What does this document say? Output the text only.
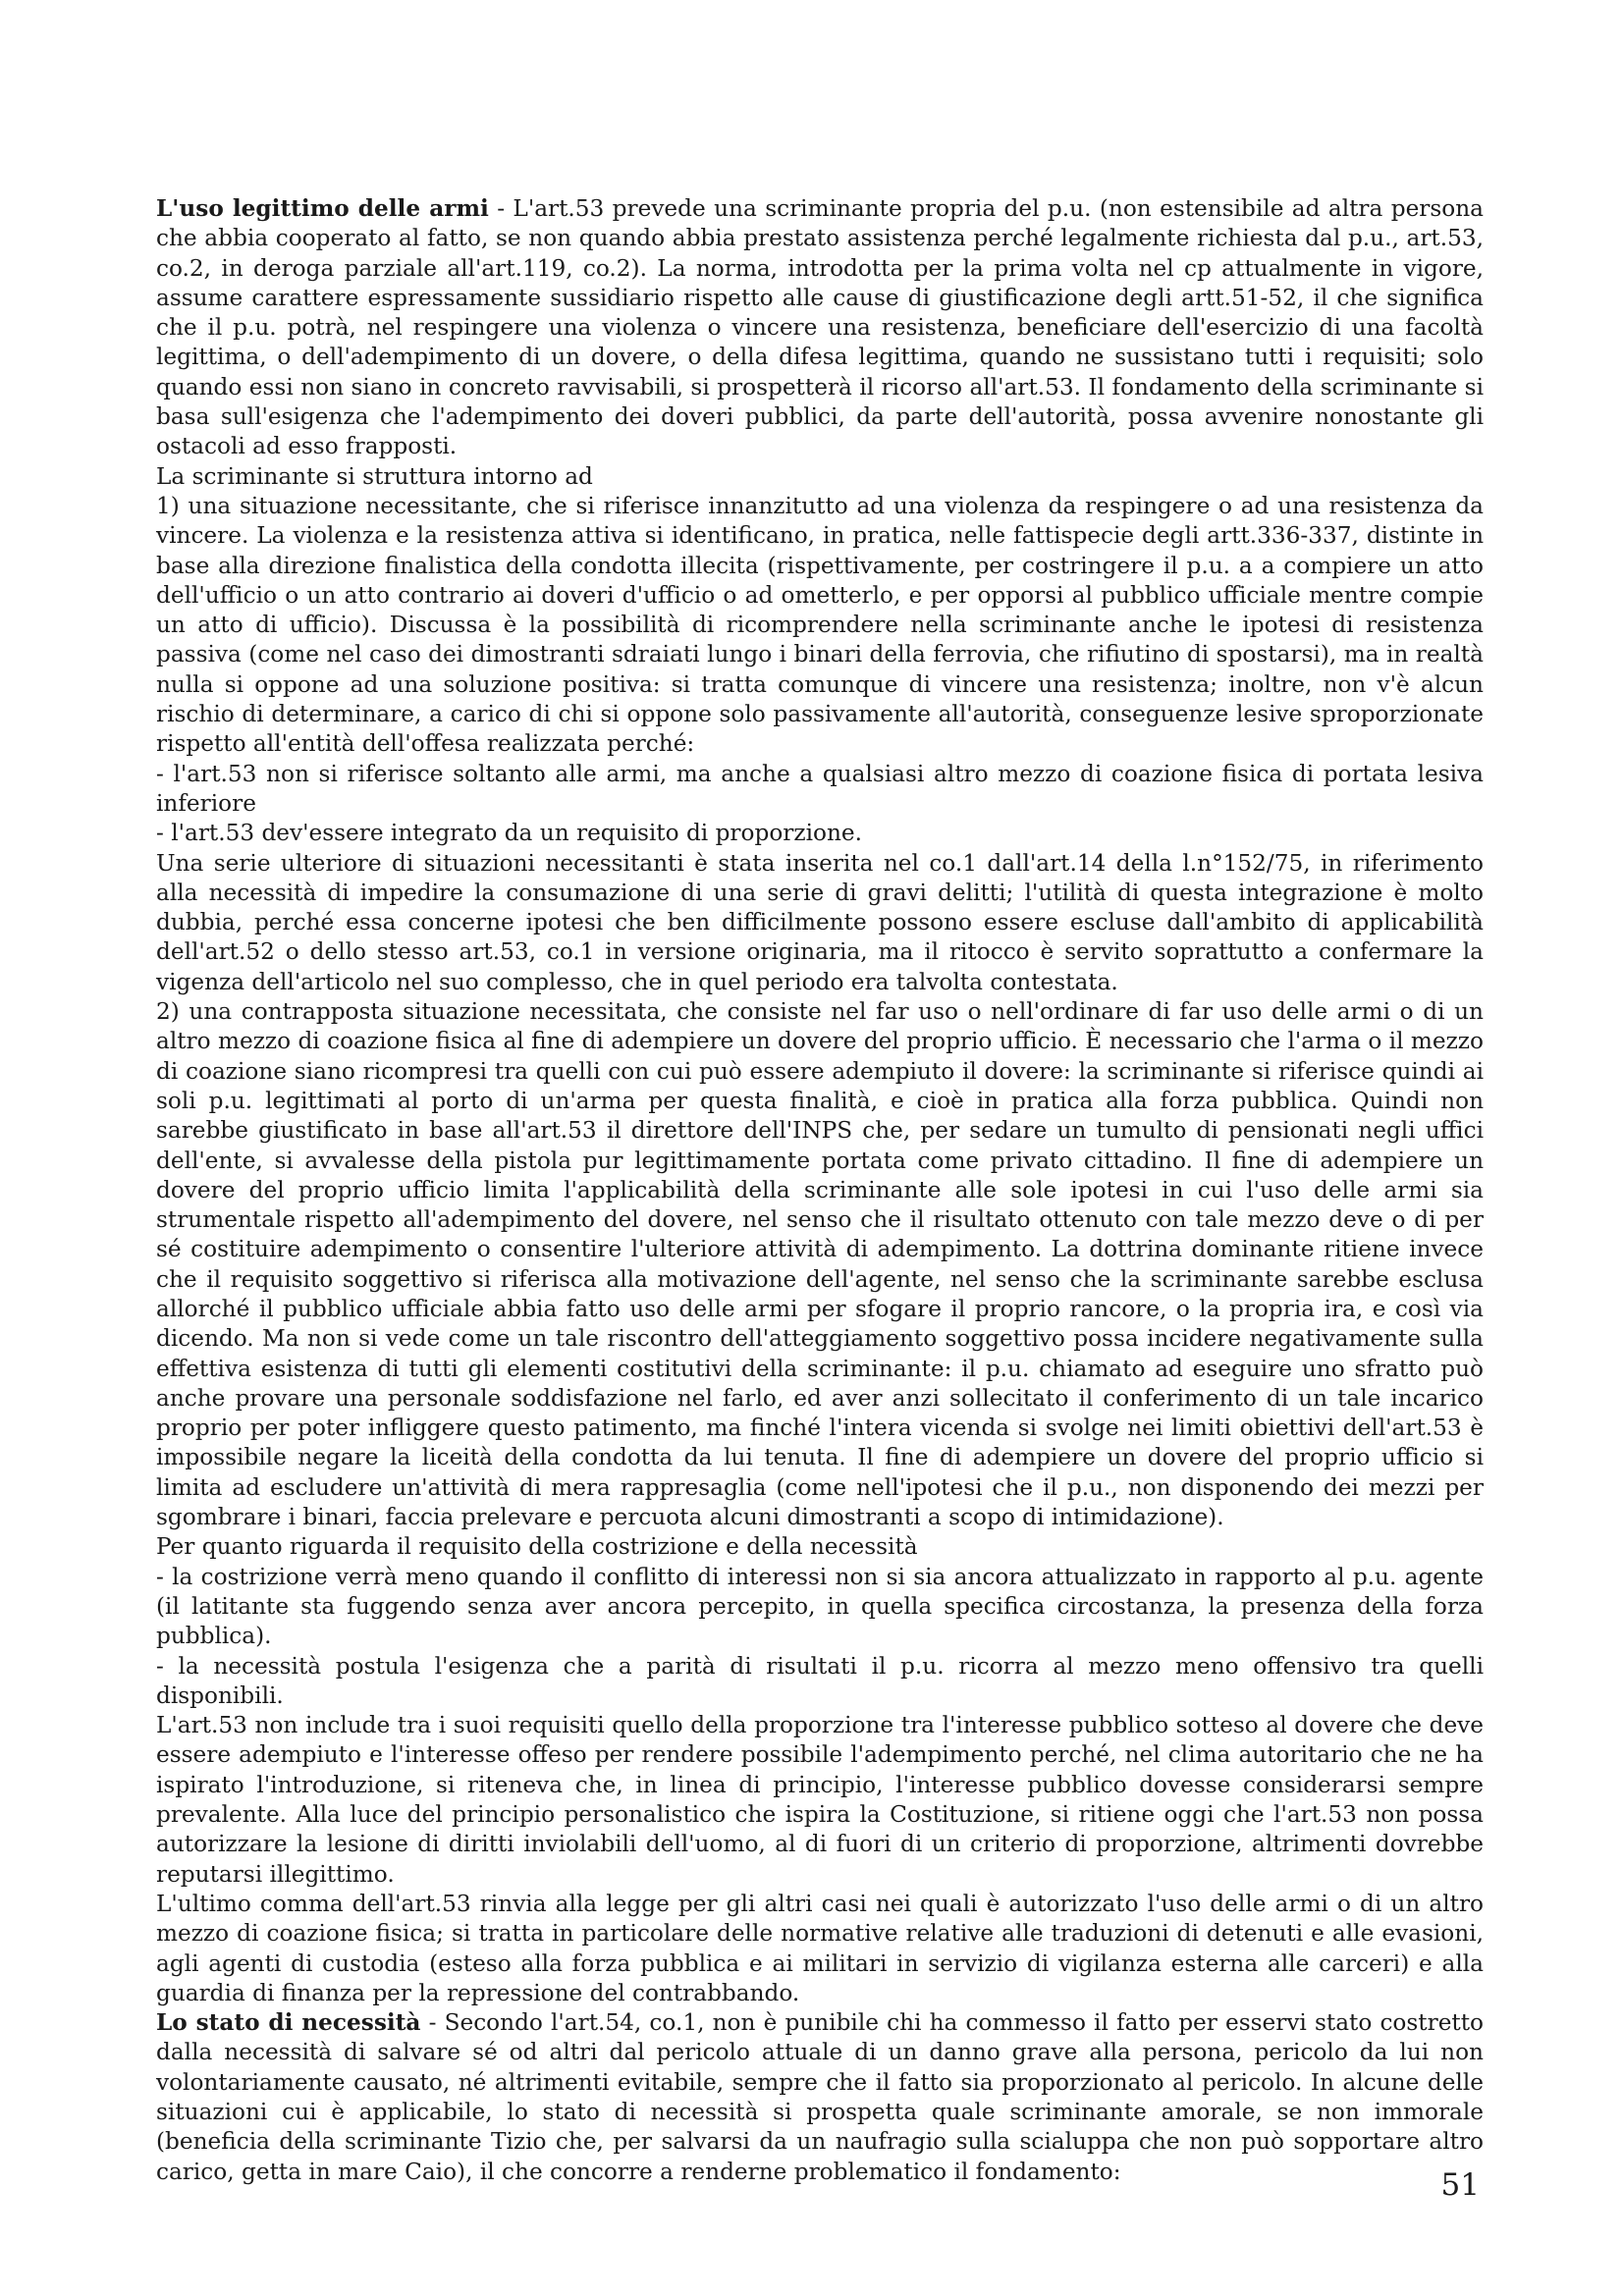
L'uso legittimo delle armi - L'art.53 prevede una scriminante propria del p.u. (non estensibile ad altra persona che abbia cooperato al fatto, se non quando abbia prestato assistenza perché legalmente richiesta dal p.u., art.53, co.2, in deroga parziale all'art.119, co.2). La norma, introdotta per la prima volta nel cp attualmente in vigore, assume carattere espressamente sussidiario rispetto alle cause di giustificazione degli artt.51-52, il che significa che il p.u. potrà, nel respingere una violenza o vincere una resistenza, beneficiare dell'esercizio di una facoltà legittima, o dell'adempimento di un dovere, o della difesa legittima, quando ne sussistano tutti i requisiti; solo quando essi non siano in concreto ravvisabili, si prospetterà il ricorso all'art.53. Il fondamento della scriminante si basa sull'esigenza che l'adempimento dei doveri pubblici, da parte dell'autorità, possa avvenire nonostante gli ostacoli ad esso frapposti.

La scriminante si struttura intorno ad

1) una situazione necessitante, che si riferisce innanzitutto ad una violenza da respingere o ad una resistenza da vincere. La violenza e la resistenza attiva si identificano, in pratica, nelle fattispecie degli artt.336-337, distinte in base alla direzione finalistica della condotta illecita (rispettivamente, per costringere il p.u. a a compiere un atto dell'ufficio o un atto contrario ai doveri d'ufficio o ad ometterlo, e per opporsi al pubblico ufficiale mentre compie un atto di ufficio). Discussa è la possibilità di ricomprendere nella scriminante anche le ipotesi di resistenza passiva (come nel caso dei dimostranti sdraiati lungo i binari della ferrovia, che rifiutino di spostarsi), ma in realtà nulla si oppone ad una soluzione positiva: si tratta comunque di vincere una resistenza; inoltre, non v'è alcun rischio di determinare, a carico di chi si oppone solo passivamente all'autorità, conseguenze lesive sproporzionate rispetto all'entità dell'offesa realizzata perché:

- l'art.53 non si riferisce soltanto alle armi, ma anche a qualsiasi altro mezzo di coazione fisica di portata lesiva inferiore

- l'art.53 dev'essere integrato da un requisito di proporzione.

Una serie ulteriore di situazioni necessitanti è stata inserita nel co.1 dall'art.14 della l.n°152/75, in riferimento alla necessità di impedire la consumazione di una serie di gravi delitti; l'utilità di questa integrazione è molto dubbia, perché essa concerne ipotesi che ben difficilmente possono essere escluse dall'ambito di applicabilità dell'art.52 o dello stesso art.53, co.1 in versione originaria, ma il ritocco è servito soprattutto a confermare la vigenza dell'articolo nel suo complesso, che in quel periodo era talvolta contestata.

2) una contrapposta situazione necessitata, che consiste nel far uso o nell'ordinare di far uso delle armi o di un altro mezzo di coazione fisica al fine di adempiere un dovere del proprio ufficio. È necessario che l'arma o il mezzo di coazione siano ricompresi tra quelli con cui può essere adempiuto il dovere: la scriminante si riferisce quindi ai soli p.u. legittimati al porto di un'arma per questa finalità, e cioè in pratica alla forza pubblica. Quindi non sarebbe giustificato in base all'art.53 il direttore dell'INPS che, per sedare un tumulto di pensionati negli uffici dell'ente, si avvalesse della pistola pur legittimamente portata come privato cittadino. Il fine di adempiere un dovere del proprio ufficio limita l'applicabilità della scriminante alle sole ipotesi in cui l'uso delle armi sia strumentale rispetto all'adempimento del dovere, nel senso che il risultato ottenuto con tale mezzo deve o di per sé costituire adempimento o consentire l'ulteriore attività di adempimento. La dottrina dominante ritiene invece che il requisito soggettivo si riferisca alla motivazione dell'agente, nel senso che la scriminante sarebbe esclusa allorché il pubblico ufficiale abbia fatto uso delle armi per sfogare il proprio rancore, o la propria ira, e così via dicendo. Ma non si vede come un tale riscontro dell'atteggiamento soggettivo possa incidere negativamente sulla effettiva esistenza di tutti gli elementi costitutivi della scriminante: il p.u. chiamato ad eseguire uno sfratto può anche provare una personale soddisfazione nel farlo, ed aver anzi sollecitato il conferimento di un tale incarico proprio per poter infliggere questo patimento, ma finché l'intera vicenda si svolge nei limiti obiettivi dell'art.53 è impossibile negare la liceità della condotta da lui tenuta. Il fine di adempiere un dovere del proprio ufficio si limita ad escludere un'attività di mera rappresaglia (come nell'ipotesi che il p.u., non disponendo dei mezzi per sgombrare i binari, faccia prelevare e percuota alcuni dimostranti a scopo di intimidazione).

Per quanto riguarda il requisito della costrizione e della necessità

- la costrizione verrà meno quando il conflitto di interessi non si sia ancora attualizzato in rapporto al p.u. agente (il latitante sta fuggendo senza aver ancora percepito, in quella specifica circostanza, la presenza della forza pubblica).

- la necessità postula l'esigenza che a parità di risultati il p.u. ricorra al mezzo meno offensivo tra quelli disponibili.

L'art.53 non include tra i suoi requisiti quello della proporzione tra l'interesse pubblico sotteso al dovere che deve essere adempiuto e l'interesse offeso per rendere possibile l'adempimento perché, nel clima autoritario che ne ha ispirato l'introduzione, si riteneva che, in linea di principio, l'interesse pubblico dovesse considerarsi sempre prevalente. Alla luce del principio personalistico che ispira la Costituzione, si ritiene oggi che l'art.53 non possa autorizzare la lesione di diritti inviolabili dell'uomo, al di fuori di un criterio di proporzione, altrimenti dovrebbe reputarsi illegittimo.

L'ultimo comma dell'art.53 rinvia alla legge per gli altri casi nei quali è autorizzato l'uso delle armi o di un altro mezzo di coazione fisica; si tratta in particolare delle normative relative alle traduzioni di detenuti e alle evasioni, agli agenti di custodia (esteso alla forza pubblica e ai militari in servizio di vigilanza esterna alle carceri) e alla guardia di finanza per la repressione del contrabbando.

Lo stato di necessità - Secondo l'art.54, co.1, non è punibile chi ha commesso il fatto per esservi stato costretto dalla necessità di salvare sé od altri dal pericolo attuale di un danno grave alla persona, pericolo da lui non volontariamente causato, né altrimenti evitabile, sempre che il fatto sia proporzionato al pericolo. In alcune delle situazioni cui è applicabile, lo stato di necessità si prospetta quale scriminante amorale, se non immorale (beneficia della scriminante Tizio che, per salvarsi da un naufragio sulla scialuppa che non può sopportare altro carico, getta in mare Caio), il che concorre a renderne problematico il fondamento:	51
